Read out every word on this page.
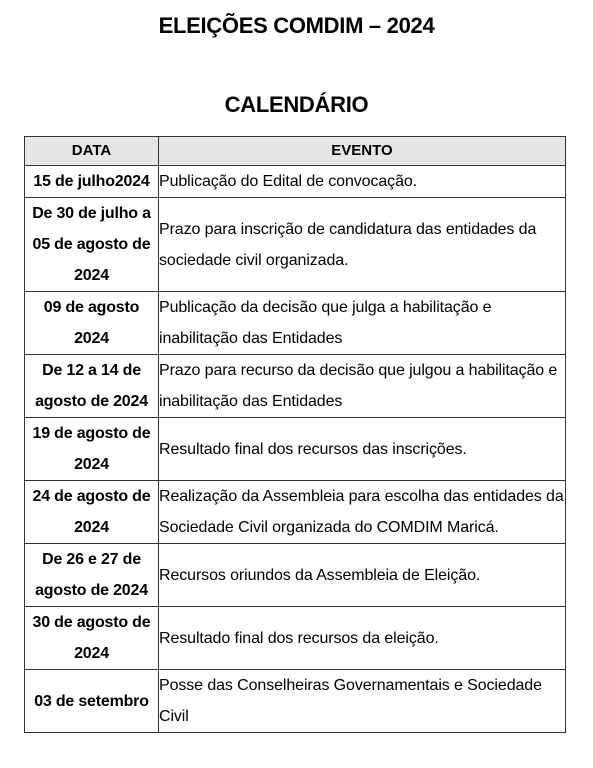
ELEIÇÕES COMDIM – 2024
CALENDÁRIO
DATA	EVENTO
15 de julho2024	Publicação do Edital de convocação.
De 30 de julho a 05 de agosto de 2024	Prazo para inscrição de candidatura das entidades da sociedade civil organizada.
09 de agosto 2024	Publicação da decisão que julga a habilitação e inabilitação das Entidades
De 12 a 14 de agosto de 2024	Prazo para recurso da decisão que julgou a habilitação e inabilitação das Entidades
19 de agosto de 2024	Resultado final dos recursos das inscrições.
24 de agosto de 2024	Realização da Assembleia para escolha das entidades da Sociedade Civil organizada do COMDIM Maricá.
De 26 e 27 de agosto de 2024	Recursos oriundos da Assembleia de Eleição.
30 de agosto de 2024	Resultado final dos recursos da eleição.
03 de setembro	Posse das Conselheiras Governamentais e Sociedade Civil
